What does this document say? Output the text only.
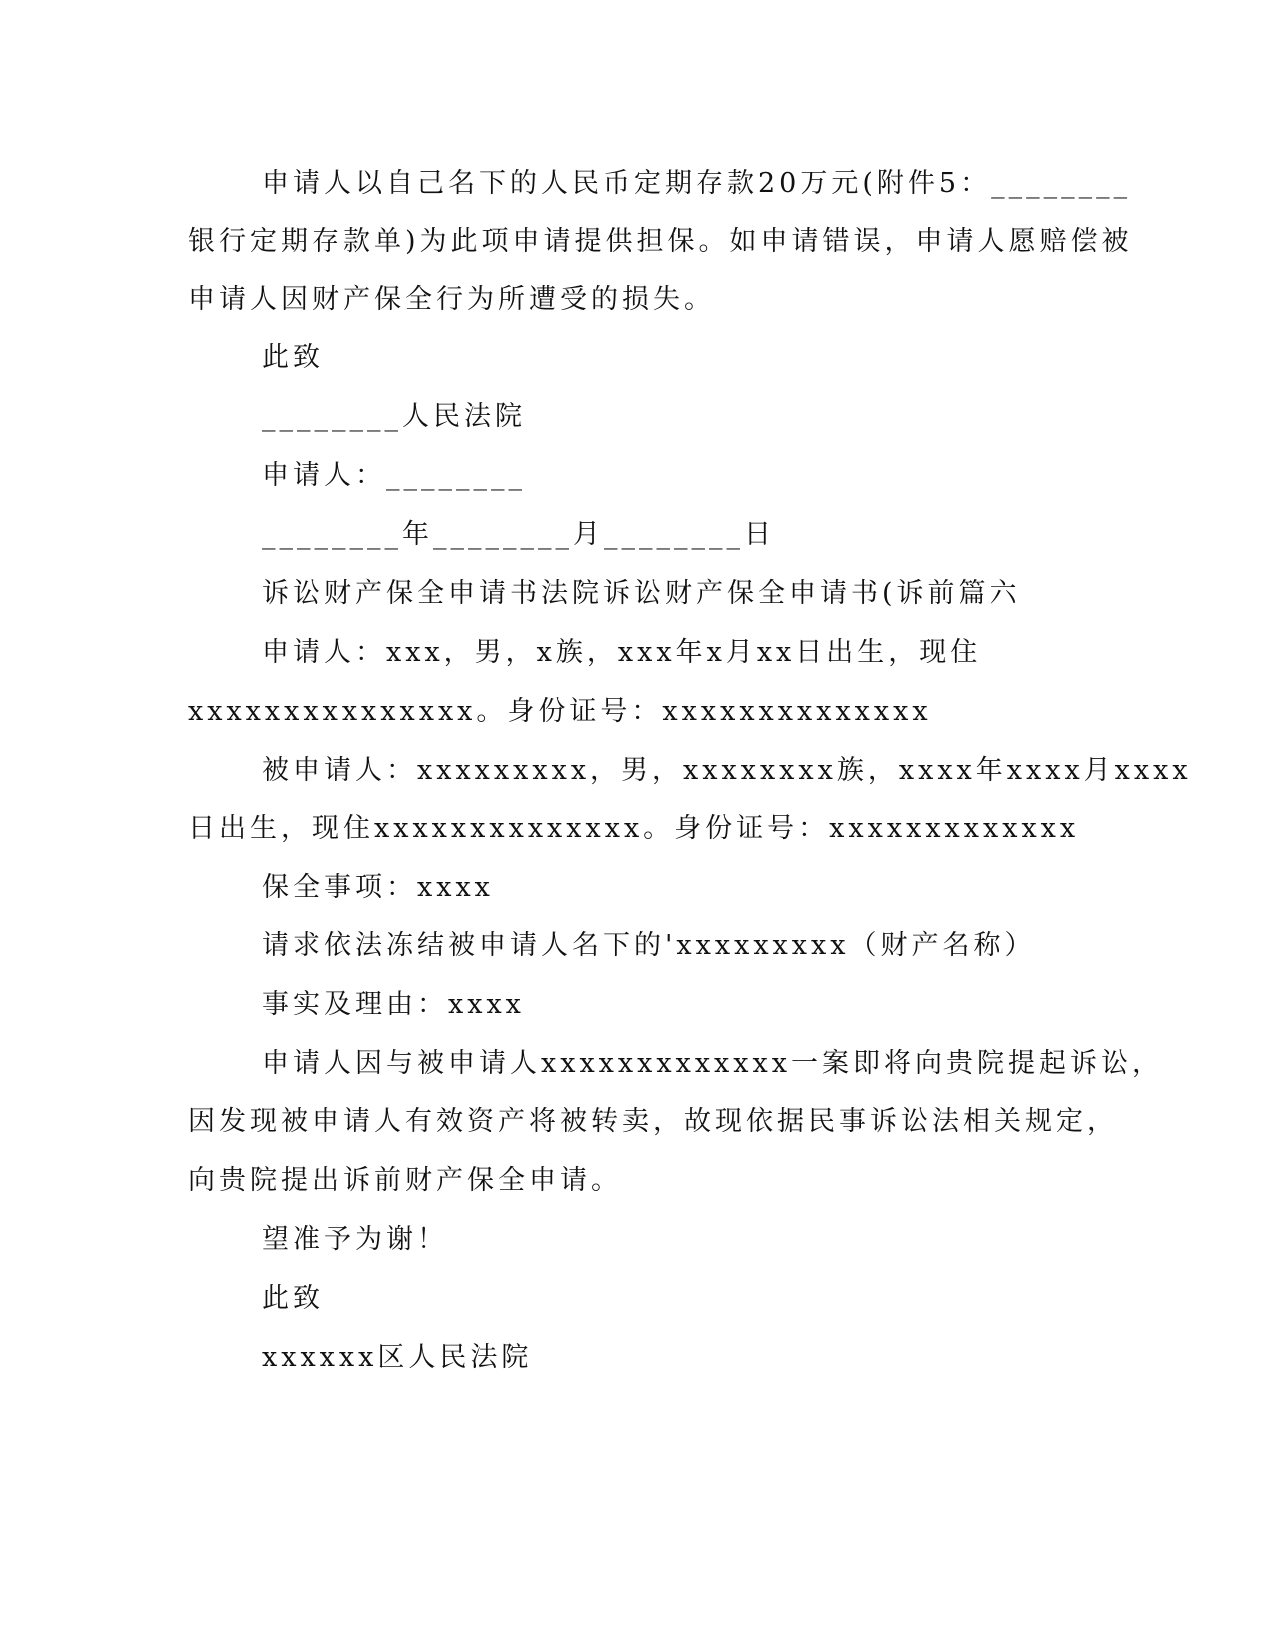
申请人以自己名下的人民币定期存款20万元(附件5：________
银行定期存款单)为此项申请提供担保。如申请错误，申请人愿赔偿被
申请人因财产保全行为所遭受的损失。
此致
________人民法院
申请人：________
________年________月________日
诉讼财产保全申请书法院诉讼财产保全申请书(诉前篇六
申请人：xxx，男，x族，xxx年x月xx日出生，现住
xxxxxxxxxxxxxxx。身份证号：xxxxxxxxxxxxxx
被申请人：xxxxxxxxx，男，xxxxxxxx族，xxxx年xxxx月xxxx
日出生，现住xxxxxxxxxxxxxx。身份证号：xxxxxxxxxxxxx
保全事项：xxxx
请求依法冻结被申请人名下的'xxxxxxxxx（财产名称）
事实及理由：xxxx
申请人因与被申请人xxxxxxxxxxxxx一案即将向贵院提起诉讼，
因发现被申请人有效资产将被转卖，故现依据民事诉讼法相关规定，
向贵院提出诉前财产保全申请。
望准予为谢！
此致
xxxxxx区人民法院
